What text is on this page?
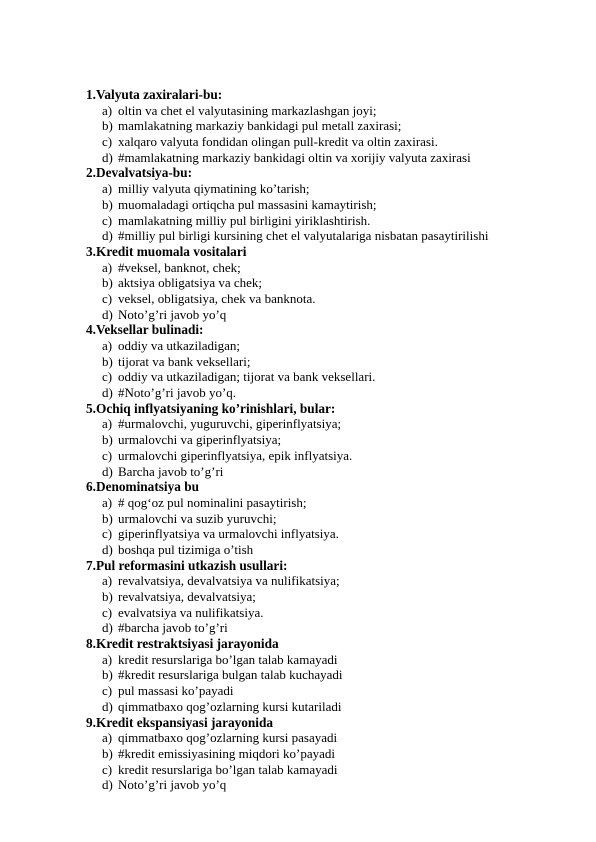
1.Valyuta zaxiralari-bu:
a) oltin va chet el valyutasining markazlashgan joyi;
b) mamlakatning markaziy bankidagi pul metall zaxirasi;
c) xalqaro valyuta fondidan olingan pull-kredit va oltin zaxirasi.
d) #mamlakatning markaziy bankidagi oltin va xorijiy valyuta zaxirasi
2.Devalvatsiya-bu:
a) milliy valyuta qiymatining ko’tarish;
b) muomaladagi ortiqcha pul massasini kamaytirish;
c) mamlakatning milliy pul birligini yiriklashtirish.
d) #milliy pul birligi kursining chet el valyutalariga nisbatan pasaytirilishi
3.Kredit muomala vositalari
a) #veksel, banknot, chek;
b) aktsiya obligatsiya va chek;
c) veksel, obligatsiya, chek va banknota.
d) Noto’g’ri javob yo’q
4.Veksellar bulinadi:
a) oddiy va utkaziladigan;
b) tijorat va bank veksellari;
c) oddiy va utkaziladigan; tijorat va bank veksellari.
d) #Noto’g’ri javob yo’q.
5.Ochiq inflyatsiyaning ko’rinishlari, bular:
a) #urmalovchi, yuguruvchi, giperinflyatsiya;
b) urmalovchi va giperinflyatsiya;
c) urmalovchi giperinflyatsiya, epik inflyatsiya.
d) Barcha javob to’g’ri
6.Denominatsiya bu
a) # qog‘oz pul nominalini pasaytirish;
b) urmalovchi va suzib yuruvchi;
c) giperinflyatsiya va urmalovchi inflyatsiya.
d) boshqa pul tizimiga o’tish
7.Pul reformasini utkazish usullari:
a) revalvatsiya, devalvatsiya va nulifikatsiya;
b) revalvatsiya, devalvatsiya;
c) evalvatsiya va nulifikatsiya.
d) #barcha javob to’g’ri
8.Kredit restraktsiyasi jarayonida
a) kredit resurslariga bo’lgan talab kamayadi
b) #kredit resurslariga bulgan talab kuchayadi
c) pul massasi ko’payadi
d) qimmatbaxo qog’ozlarning kursi kutariladi
9.Kredit ekspansiyasi jarayonida
a) qimmatbaxo qog’ozlarning kursi pasayadi
b) #kredit emissiyasining miqdori ko’payadi
c) kredit resurslariga bo’lgan talab kamayadi
d) Noto’g’ri javob yo’q
